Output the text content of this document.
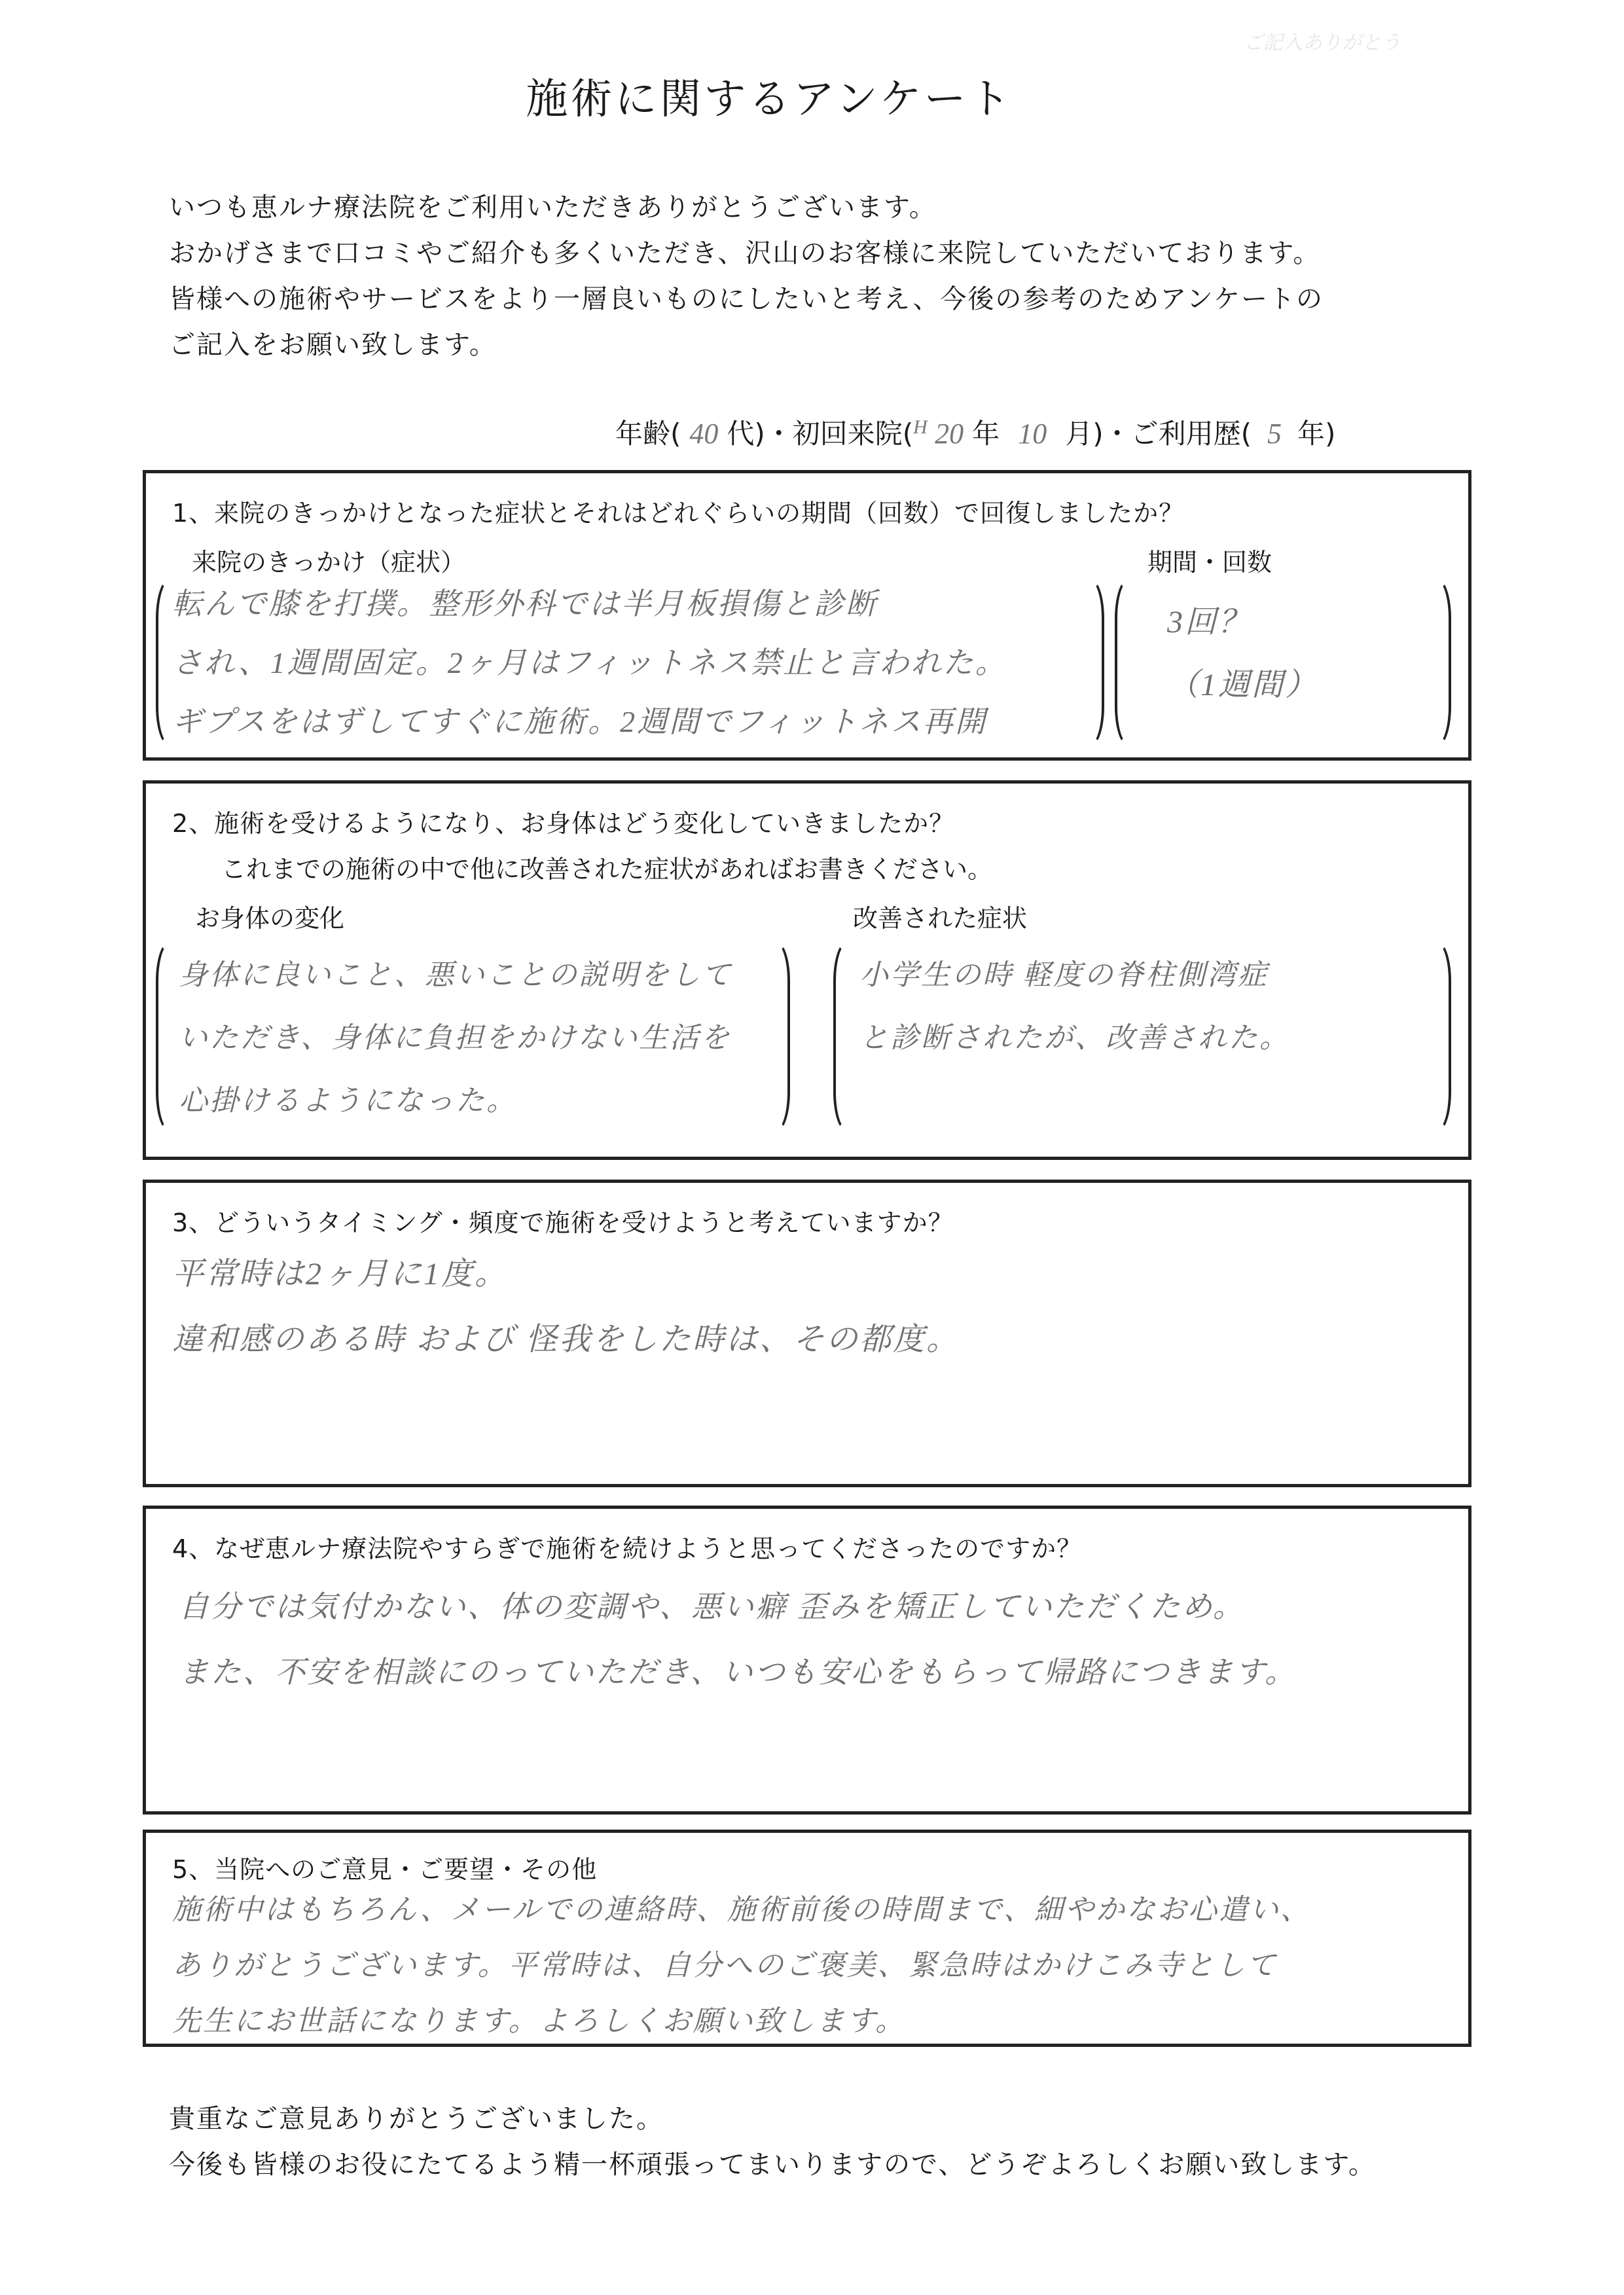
ご記入ありがとう
施術に関するアンケート
いつも恵ルナ療法院をご利用いただきありがとうございます。
おかげさまで口コミやご紹介も多くいただき、沢山のお客様に来院していただいております。
皆様への施術やサービスをより一層良いものにしたいと考え、今後の参考のためアンケートの
ご記入をお願い致します。
年齢( 40 代)・初回来院(H 20 年 10 月)・ご利用歴( 5 年)
1、来院のきっかけとなった症状とそれはどれぐらいの期間（回数）で回復しましたか？
来院のきっかけ（症状）	期間・回数
転んで膝を打撲。整形外科では半月板損傷と診断
され、1週間固定。2ヶ月はフィットネス禁止と言われた。
ギプスをはずしてすぐに施術。2週間でフィットネス再開
3回？
（1週間）
2、施術を受けるようになり、お身体はどう変化していきましたか？
これまでの施術の中で他に改善された症状があればお書きください。
お身体の変化	改善された症状
身体に良いこと、悪いことの説明をして
いただき、身体に負担をかけない生活を
心掛けるようになった。
小学生の時 軽度の脊柱側湾症
と診断されたが、改善された。
3、どういうタイミング・頻度で施術を受けようと考えていますか？
平常時は2ヶ月に1度。
違和感のある時 および 怪我をした時は、その都度。
4、なぜ恵ルナ療法院やすらぎで施術を続けようと思ってくださったのですか？
自分では気付かない、体の変調や、悪い癖 歪みを矯正していただくため。
また、不安を相談にのっていただき、いつも安心をもらって帰路につきます。
5、当院へのご意見・ご要望・その他
施術中はもちろん、メールでの連絡時、施術前後の時間まで、細やかなお心遣い、
ありがとうございます。平常時は、自分へのご褒美、緊急時はかけこみ寺として
先生にお世話になります。よろしくお願い致します。
貴重なご意見ありがとうございました。
今後も皆様のお役にたてるよう精一杯頑張ってまいりますので、どうぞよろしくお願い致します。
